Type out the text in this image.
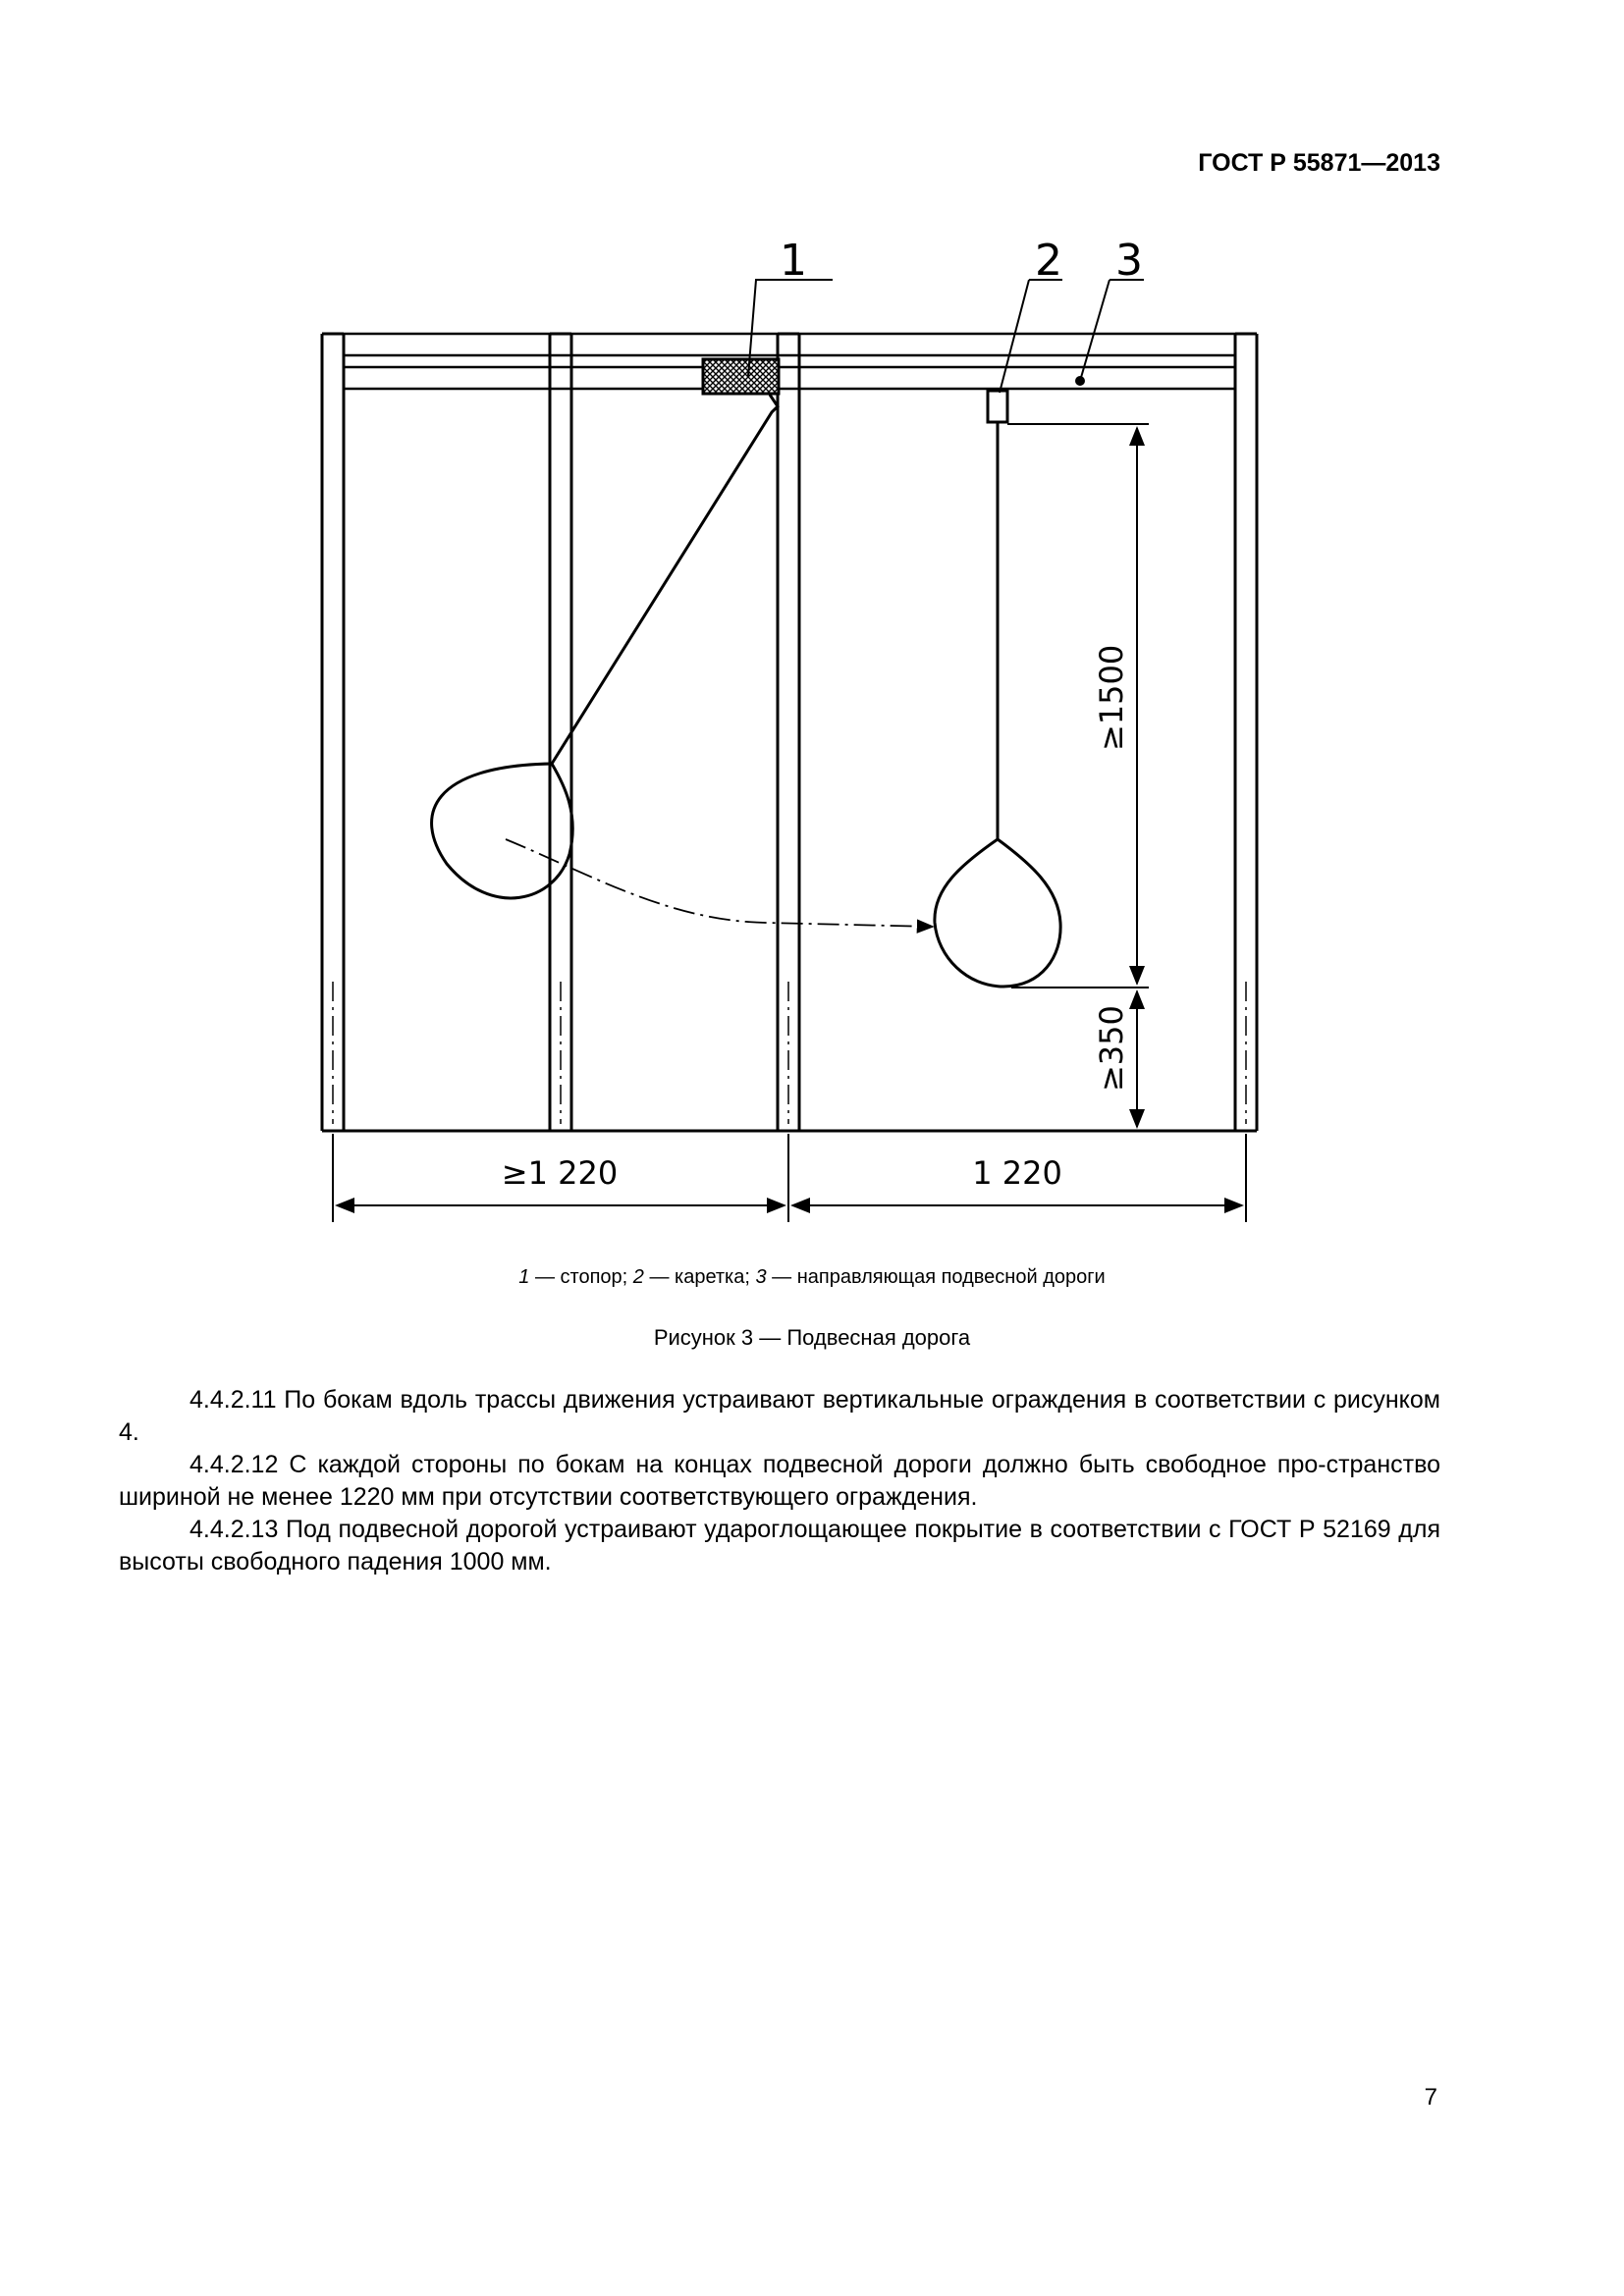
ГОСТ Р 55871—2013
1	2 3
≥1500
≥350
≥1 220	1 220
1 — стопор; 2 — каретка; 3 — направляющая подвесной дороги
Рисунок 3 — Подвесная дорога

4.4.2.11 По бокам вдоль трассы движения устраивают вертикальные ограждения в соответствии с рисунком 4.

4.4.2.12 С каждой стороны по бокам на концах подвесной дороги должно быть свободное про-странство шириной не менее 1220 мм при отсутствии соответствующего ограждения.

4.4.2.13 Под подвесной дорогой устраивают удароглощающее покрытие в соответствии с ГОСТ Р 52169 для высоты свободного падения 1000 мм.

7
